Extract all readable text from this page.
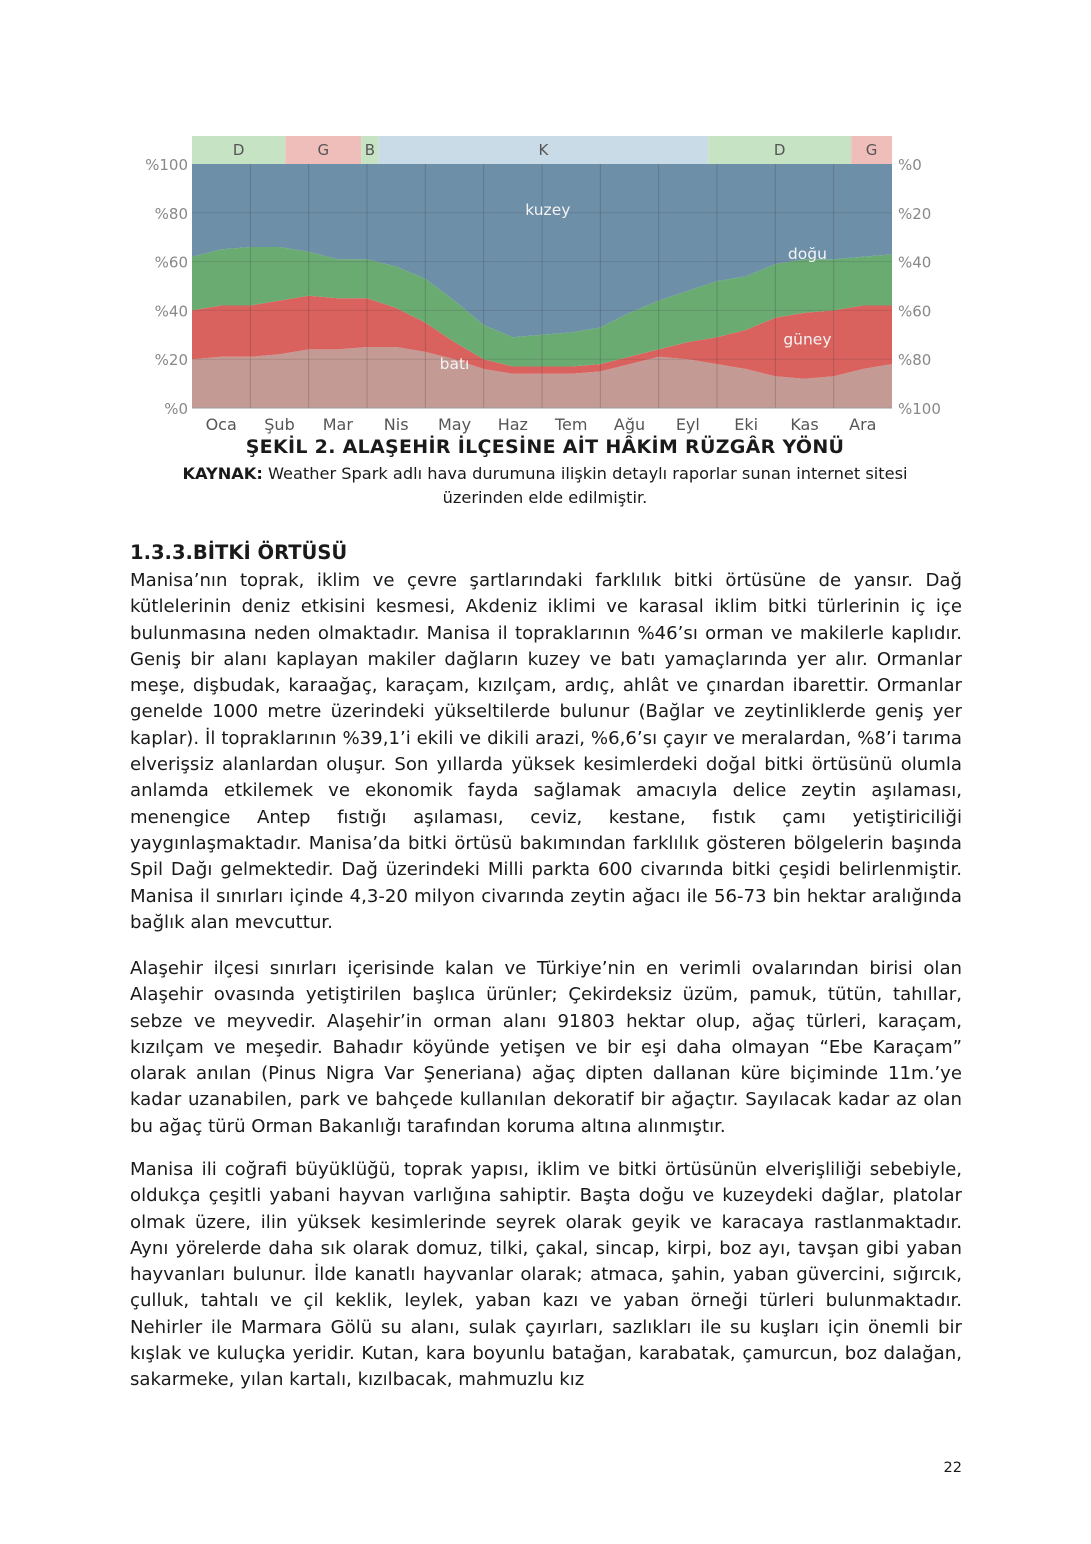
D	G B	K	D	G
%0
%20
%40
%60
%80
%100
%100
%80
%60
%40
%20
%0
Oca Şub Mar Nis May Haz Tem Ağu Eyl Eki Kas Ara
batı
güney
doğu
kuzey
ŞEKİL 2. ALAŞEHİR İLÇESİNE AİT HÂKİM RÜZGÂR YÖNÜ
KAYNAK: Weather Spark adlı hava durumuna ilişkin detaylı raporlar sunan internet sitesi üzerinden elde edilmiştir.
1.3.3.BİTKİ ÖRTÜSÜ

Manisa’nın toprak, iklim ve çevre şartlarındaki farklılık bitki örtüsüne de yansır. Dağ kütlelerinin deniz etkisini kesmesi, Akdeniz iklimi ve karasal iklim bitki türlerinin iç içe bulunmasına neden olmaktadır. Manisa il topraklarının %46’sı orman ve makilerle kaplıdır. Geniş bir alanı kaplayan makiler dağların kuzey ve batı yamaçlarında yer alır. Ormanlar meşe, dişbudak, karaağaç, karaçam, kızılçam, ardıç, ahlât ve çınardan ibarettir. Ormanlar genelde 1000 metre üzerindeki yükseltilerde bulunur (Bağlar ve zeytinliklerde geniş yer kaplar). İl topraklarının %39,1’i ekili ve dikili arazi, %6,6’sı çayır ve meralardan, %8’i tarıma elverişsiz alanlardan oluşur. Son yıllarda yüksek kesimlerdeki doğal bitki örtüsünü olumla anlamda etkilemek ve ekonomik fayda sağlamak amacıyla delice zeytin aşılaması, menengice Antep fıstığı aşılaması, ceviz, kestane, fıstık çamı yetiştiriciliği yaygınlaşmaktadır. Manisa’da bitki örtüsü bakımından farklılık gösteren bölgelerin başında Spil Dağı gelmektedir. Dağ üzerindeki Milli parkta 600 civarında bitki çeşidi belirlenmiştir. Manisa il sınırları içinde 4,3-20 milyon civarında zeytin ağacı ile 56-73 bin hektar aralığında bağlık alan mevcuttur.

Alaşehir ilçesi sınırları içerisinde kalan ve Türkiye’nin en verimli ovalarından birisi olan Alaşehir ovasında yetiştirilen başlıca ürünler; Çekirdeksiz üzüm, pamuk, tütün, tahıllar, sebze ve meyvedir. Alaşehir’in orman alanı 91803 hektar olup, ağaç türleri, karaçam, kızılçam ve meşedir. Bahadır köyünde yetişen ve bir eşi daha olmayan “Ebe Karaçam” olarak anılan (Pinus Nigra Var Şeneriana) ağaç dipten dallanan küre biçiminde 11m.’ye kadar uzanabilen, park ve bahçede kullanılan dekoratif bir ağaçtır. Sayılacak kadar az olan bu ağaç türü Orman Bakanlığı tarafından koruma altına alınmıştır.

Manisa ili coğrafi büyüklüğü, toprak yapısı, iklim ve bitki örtüsünün elverişliliği sebebiyle, oldukça çeşitli yabani hayvan varlığına sahiptir. Başta doğu ve kuzeydeki dağlar, platolar olmak üzere, ilin yüksek kesimlerinde seyrek olarak geyik ve karacaya rastlanmaktadır. Aynı yörelerde daha sık olarak domuz, tilki, çakal, sincap, kirpi, boz ayı, tavşan gibi yaban hayvanları bulunur. İlde kanatlı hayvanlar olarak; atmaca, şahin, yaban güvercini, sığırcık, çulluk, tahtalı ve çil keklik, leylek, yaban kazı ve yaban örneği türleri bulunmaktadır. Nehirler ile Marmara Gölü su alanı, sulak çayırları, sazlıkları ile su kuşları için önemli bir kışlak ve kuluçka yeridir. Kutan, kara boyunlu batağan, karabatak, çamurcun, boz dalağan, sakarmeke, yılan kartalı, kızılbacak, mahmuzlu kız

22
